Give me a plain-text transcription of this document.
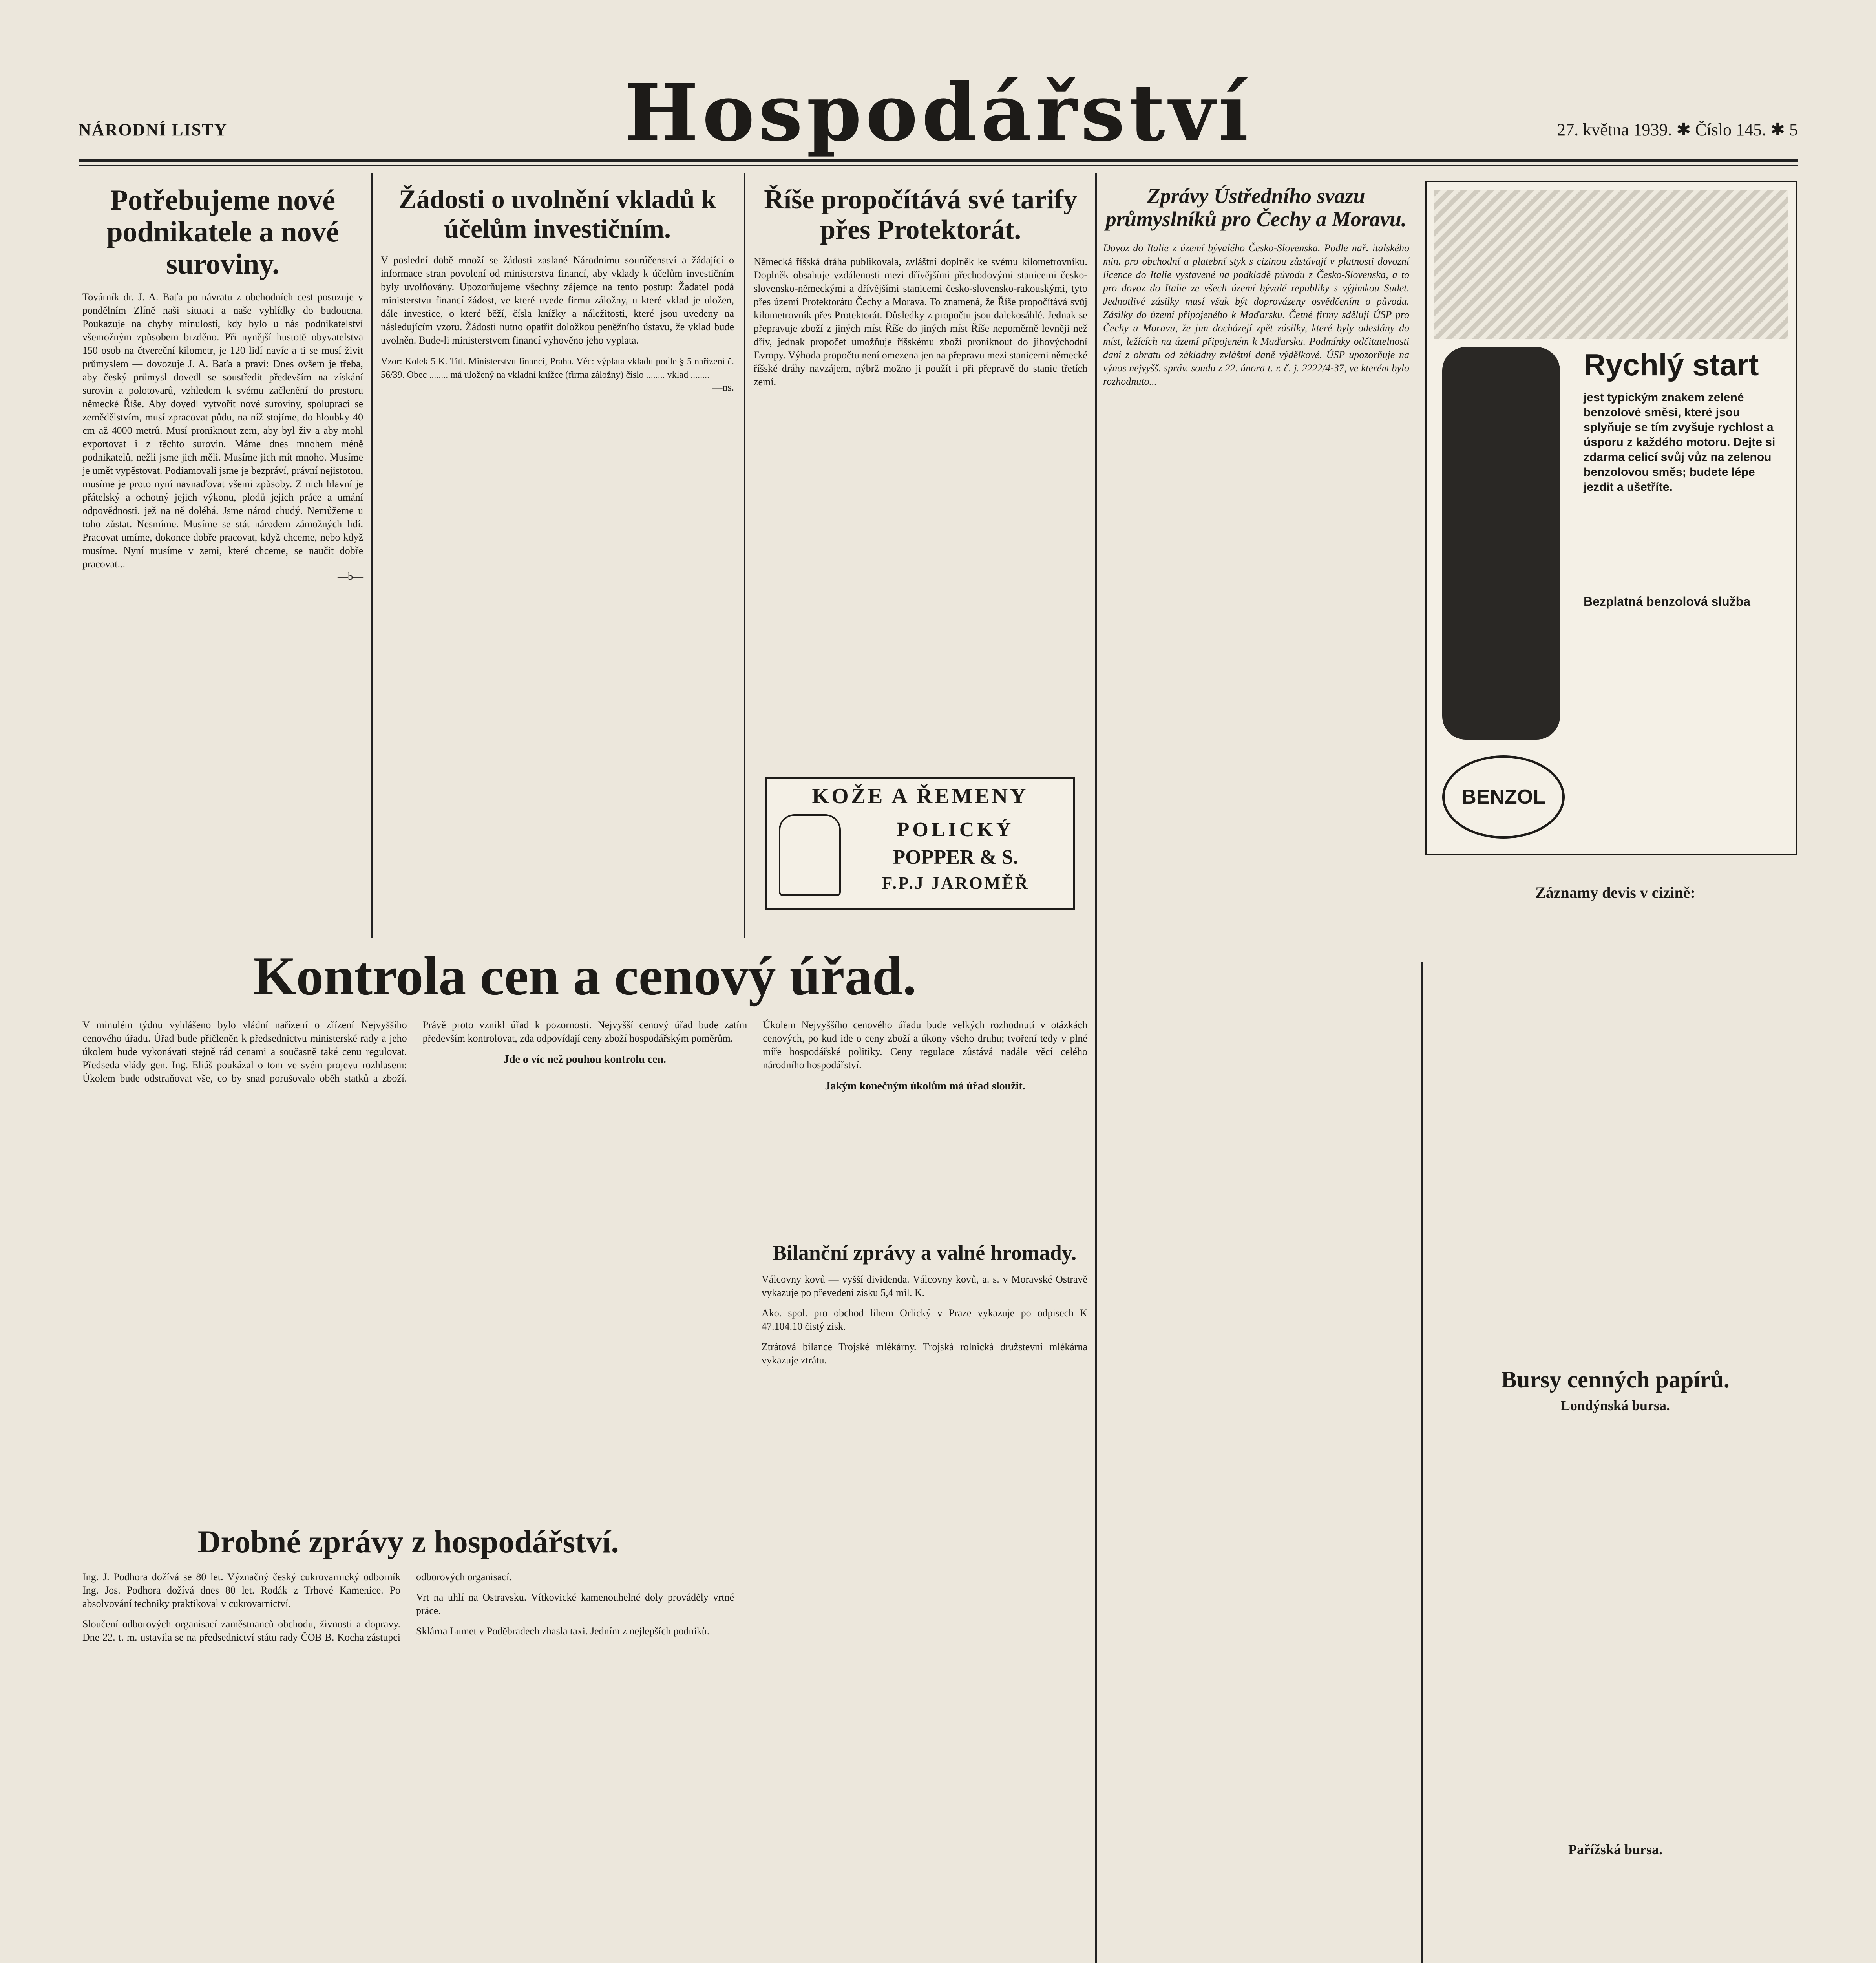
NÁRODNÍ LISTY	Hospodářství	27. května 1939. ✱ Číslo 145. ✱ 5
Potřebujeme nové podnikatele a nové suroviny.
Továrník dr. J. A. Baťa po návratu z obchodních cest posuzuje v pondělním Zlíně naši situaci a naše vyhlídky do budoucna. Poukazuje na chyby minulosti, kdy bylo u nás podnikatelství všemožným způsobem brzděno. Při nynější hustotě obyvatelstva 150 osob na čtvereční kilometr, je 120 lidí navíc a ti se musí živit průmyslem — dovozuje J. A. Baťa a praví: Dnes ovšem je třeba, aby český průmysl dovedl se soustředit především na získání surovin a polotovarů, vzhledem k svému začlenění do prostoru německé Říše. Aby dovedl vytvořit nové suroviny, spoluprací se zemědělstvím, musí zpracovat půdu, na níž stojíme, do hloubky 40 cm až 4000 metrů. Musí proniknout zem, aby byl živ a aby mohl exportovat i z těchto surovin. Máme dnes mnohem méně podnikatelů, nežli jsme jich měli. Musíme jich mít mnoho. Musíme je umět vypěstovat. Podiamovali jsme je bezpráví, právní nejistotou, musíme je proto nyní navnaďovat všemi způsoby. Z nich hlavní je přátelský a ochotný jejich výkonu, plodů jejich práce a umání odpovědnosti, jež na ně doléhá. Jsme národ chudý. Nemůžeme u toho zůstat. Nesmíme. Musíme se stát národem zámožných lidí. Pracovat umíme, dokonce dobře pracovat, když chceme, nebo když musíme. Nyní musíme v zemi, které chceme, se naučit dobře pracovat...
—b—
Žádosti o uvolnění vkladů k účelům investičním.
V poslední době množí se žádosti zaslané Národnímu sourúčenství a žádající o informace stran povolení od ministerstva financí, aby vklady k účelům investičním byly uvolňovány. Upozorňujeme všechny zájemce na tento postup: Žadatel podá ministerstvu financí žádost, ve které uvede firmu záložny, u které vklad je uložen, dále investice, o které běží, čísla knížky a náležitosti, které jsou uvedeny na následujícím vzoru. Žádosti nutno opatřit doložkou peněžního ústavu, že vklad bude uvolněn. Bude-li ministerstvem financí vyhověno jeho vyplata.
Vzor: Kolek 5 K. Titl. Ministerstvu financí, Praha. Věc: výplata vkladu podle § 5 nařízení č. 56/39. Obec ........ má uložený na vkladní knížce (firma záložny) číslo ........ vklad ........
—ns.
Říše propočítává své tarify přes Protektorát.
Německá říšská dráha publikovala, zvláštní doplněk ke svému kilometrovníku. Doplněk obsahuje vzdálenosti mezi dřívějšími přechodovými stanicemi česko-slovensko-německými a dřívějšími stanicemi česko-slovensko-rakouskými, tyto přes území Protektorátu Čechy a Morava. To znamená, že Říše propočítává svůj kilometrovník přes Protektorát. Důsledky z propočtu jsou dalekosáhlé. Jednak se přepravuje zboží z jiných míst Říše do jiných míst Říše nepoměrně levněji než dřív, jednak propočet umožňuje říšskému zboží proniknout do jihovýchodní Evropy. Výhoda propočtu není omezena jen na přepravu mezi stanicemi německé říšské dráhy navzájem, nýbrž možno ji použít i při přepravě do stanic třetích zemí.
KOŽE A ŘEMENY
POLICKÝ
POPPER & S.
F.P.J JAROMĚŘ
Zprávy Ústředního svazu průmyslníků pro Čechy a Moravu.
Dovoz do Italie z území bývalého Česko-Slovenska. Podle nař. italského min. pro obchodní a platební styk s cizinou zůstávají v platnosti dovozní licence do Italie vystavené na podkladě původu z Česko-Slovenska, a to pro dovoz do Italie ze všech území bývalé republiky s výjimkou Sudet. Jednotlivé zásilky musí však být doprovázeny osvědčením o původu. Zásilky do území připojeného k Maďarsku. Četné firmy sdělují ÚSP pro Čechy a Moravu, že jim docházejí zpět zásilky, které byly odeslány do míst, ležících na území připojeném k Maďarsku. Podmínky odčitatelnosti daní z obratu od základny zvláštní daně výdělkové. ÚSP upozorňuje na výnos nejvyšš. správ. soudu z 22. února t. r. č. j. 2222/4-37, ve kterém bylo rozhodnuto...	Rychlý start
jest typickým znakem zelené benzolové směsi, které jsou splyňuje se tím zvyšuje rychlost a úsporu z každého motoru. Dejte si zdarma celicí svůj vůz na zelenou benzolovou směs; budete lépe jezdit a ušetříte.
Bezplatná benzolová služba
BENZOL
Kontrola cen a cenový úřad.
V minulém týdnu vyhlášeno bylo vládní nařízení o zřízení Nejvyššího cenového úřadu. Úřad bude přičleněn k předsednictvu ministerské rady a jeho úkolem bude vykonávati stejně rád cenami a současně také cenu regulovat. Předseda vlády gen. Ing. Eliáš poukázal o tom ve svém projevu rozhlasem: Úkolem bude odstraňovat vše, co by snad porušovalo oběh statků a zboží. Právě proto vznikl úřad k pozornosti. Nejvyšší cenový úřad bude zatím především kontrolovat, zda odpovídají ceny zboží hospodářským poměrům.
Jde o víc než pouhou kontrolu cen.
Úkolem Nejvyššího cenového úřadu bude velkých rozhodnutí v otázkách cenových, po kud ide o ceny zboží a úkony všeho druhu; tvoření tedy v plné míře hospodářské politiky. Ceny regulace zůstává nadále věcí celého národního hospodářství.
Jakým konečným úkolům má úřad sloužit.
Drobné zprávy z hospodářství.
Ing. J. Podhora dožívá se 80 let. Význačný český cukrovarnický odborník Ing. Jos. Podhora dožívá dnes 80 let. Rodák z Trhové Kamenice. Po absolvování techniky praktikoval v cukrovarnictví.
Sloučení odborových organisací zaměstnanců obchodu, živnosti a dopravy. Dne 22. t. m. ustavila se na předsednictví státu rady ČOB B. Kocha zástupci odborových organisací.
Vrt na uhlí na Ostravsku. Vítkovické kamenouhelné doly prováděly vrtné práce.
Sklárna Lumet v Poděbradech zhasla taxi. Jedním z nejlepších podniků.
Bilanční zprávy a valné hromady.
Válcovny kovů — vyšší dividenda. Válcovny kovů, a. s. v Moravské Ostravě vykazuje po převedení zisku 5,4 mil. K.
Ako. spol. pro obchod lihem Orlický v Praze vykazuje po odpisech K 47.104.10 čistý zisk.
Ztrátová bilance Trojské mlékárny. Trojská rolnická družstevní mlékárna vykazuje ztrátu.
Záznamy devis v cizině:
Bursy cenných papírů.
Londýnská bursa.
Pařížská bursa.
